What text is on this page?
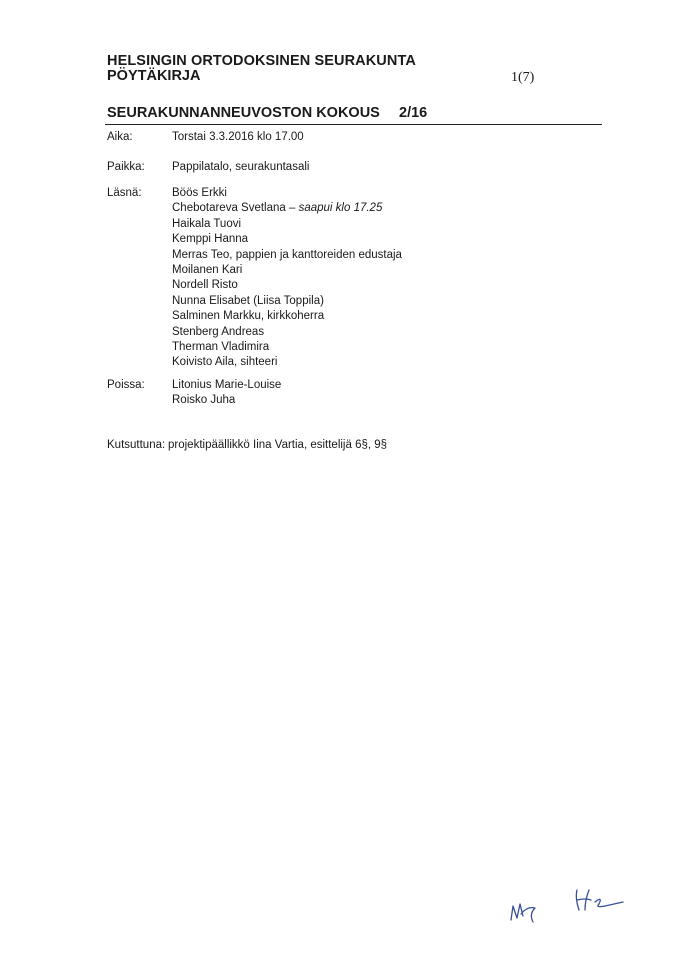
HELSINGIN ORTODOKSINEN SEURAKUNTA
PÖYTÄKIRJA	1(7)
SEURAKUNNANNEUVOSTON KOKOUS 2/16
Aika:	Torstai 3.3.2016 klo 17.00
Paikka: Pappilatalo, seurakuntasali
Läsnä:	Böös Erkki
Chebotareva Svetlana – saapui klo 17.25
Haikala Tuovi
Kemppi Hanna
Merras Teo, pappien ja kanttoreiden edustaja
Moilanen Kari
Nordell Risto
Nunna Elisabet (Liisa Toppila)
Salminen Markku, kirkkoherra
Stenberg Andreas
Therman Vladimira
Koivisto Aila, sihteeri
Poissa: Litonius Marie-Louise
Roisko Juha
Kutsuttuna: projektipäällikkö Iina Vartia, esittelijä 6§, 9§
